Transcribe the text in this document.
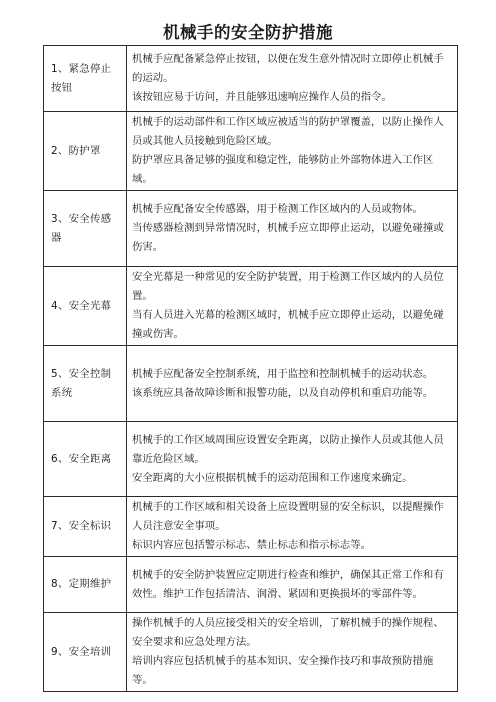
机械手的安全防护措施
1、紧急停止按钮	机械手应配备紧急停止按钮，以便在发生意外情况时立即停止机械手的运动。
该按钮应易于访问，并且能够迅速响应操作人员的指令。

2、防护罩	机械手的运动部件和工作区域应被适当的防护罩覆盖，以防止操作人员或其他人员接触到危险区域。
防护罩应具备足够的强度和稳定性，能够防止外部物体进入工作区域。

3、安全传感器	机械手应配备安全传感器，用于检测工作区域内的人员或物体。
当传感器检测到异常情况时，机械手应立即停止运动，以避免碰撞或伤害。

4、安全光幕	安全光幕是一种常见的安全防护装置，用于检测工作区域内的人员位置。
当有人员进入光幕的检测区域时，机械手应立即停止运动，以避免碰撞或伤害。

5、安全控制系统	机械手应配备安全控制系统，用于监控和控制机械手的运动状态。
该系统应具备故障诊断和报警功能，以及自动停机和重启功能等。

6、安全距离	机械手的工作区域周围应设置安全距离，以防止操作人员或其他人员靠近危险区域。
安全距离的大小应根据机械手的运动范围和工作速度来确定。

7、安全标识	机械手的工作区域和相关设备上应设置明显的安全标识，以提醒操作人员注意安全事项。
标识内容应包括警示标志、禁止标志和指示标志等。

8、定期维护	机械手的安全防护装置应定期进行检查和维护，确保其正常工作和有效性。维护工作包括清洁、润滑、紧固和更换损坏的零部件等。

9、安全培训	操作机械手的人员应接受相关的安全培训，了解机械手的操作规程、安全要求和应急处理方法。
培训内容应包括机械手的基本知识、安全操作技巧和事故预防措施等。
